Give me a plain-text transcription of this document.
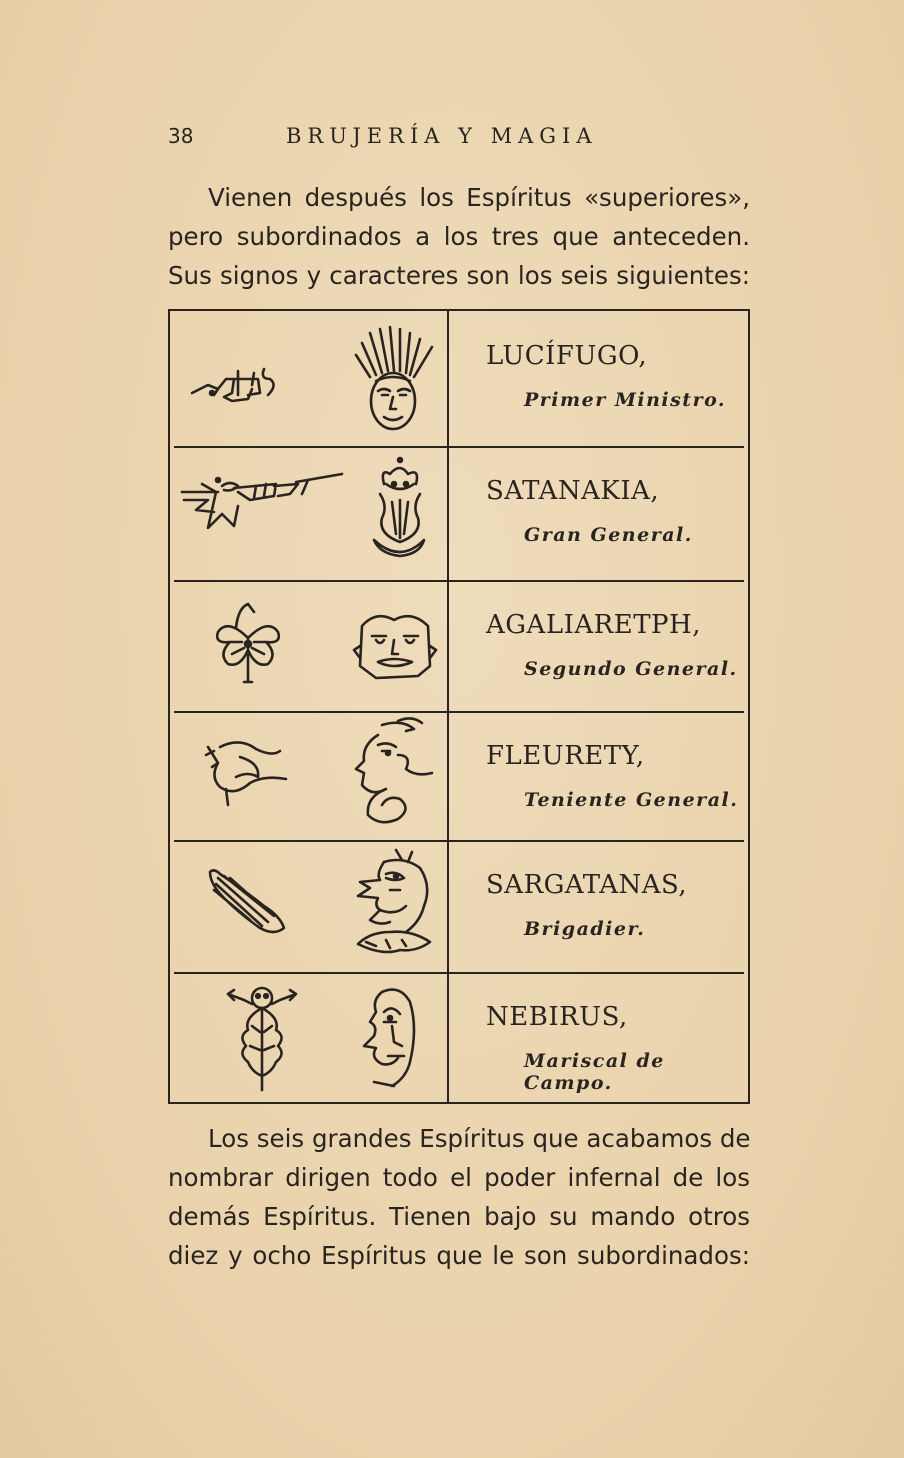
38	BRUJERÍA Y MAGIA
Vienen después los Espíritus «superiores»,
pero subordinados a los tres que anteceden.
Sus signos y caracteres son los seis siguientes:
LUCÍFUGO,
Primer Ministro.
SATANAKIA,
Gran General.
AGALIARETPH,
Segundo General.
FLEURETY,
Teniente General.
SARGATANAS,
Brigadier.
NEBIRUS,
Mariscal de Campo.
Los seis grandes Espíritus que acabamos de
nombrar dirigen todo el poder infernal de los
demás Espíritus. Tienen bajo su mando otros
diez y ocho Espíritus que le son subordinados:
